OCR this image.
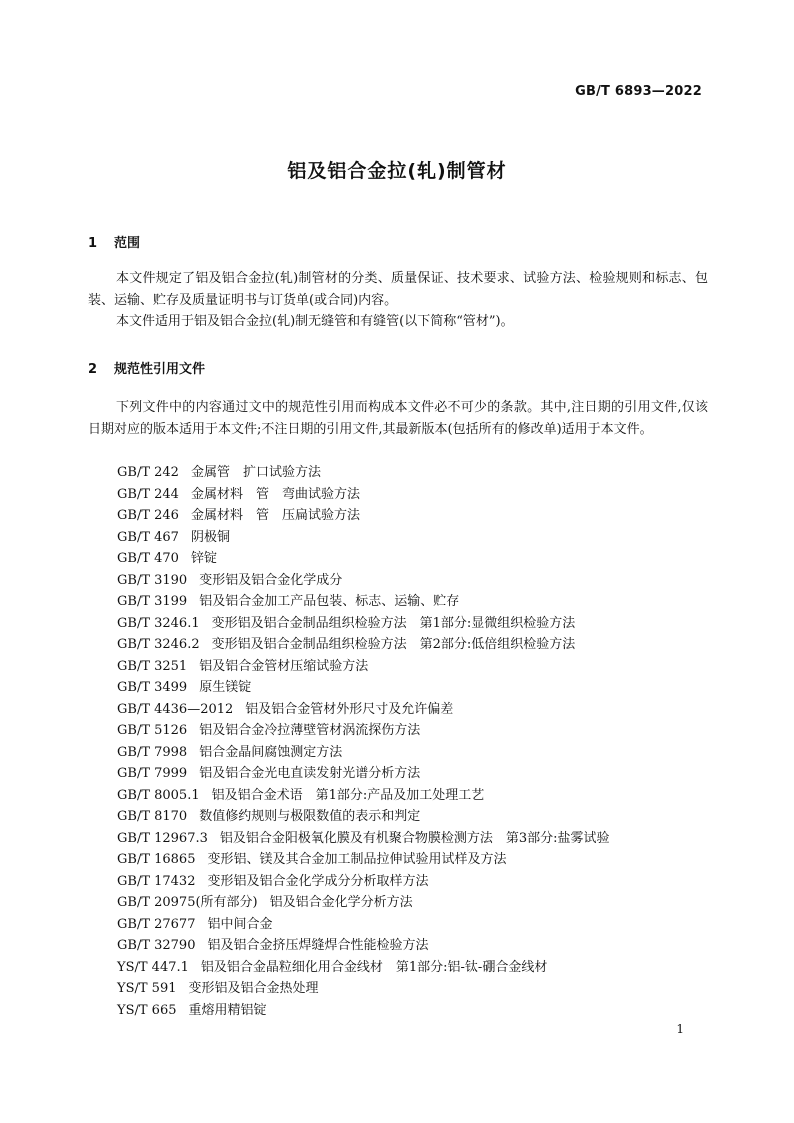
GB/T 6893—2022
铝及铝合金拉(轧)制管材
1 范围

本文件规定了铝及铝合金拉(轧)制管材的分类、质量保证、技术要求、试验方法、检验规则和标志、包装、运输、贮存及质量证明书与订货单(或合同)内容。

本文件适用于铝及铝合金拉(轧)制无缝管和有缝管(以下简称“管材”)。

2 规范性引用文件

下列文件中的内容通过文中的规范性引用而构成本文件必不可少的条款。其中,注日期的引用文件,仅该日期对应的版本适用于本文件;不注日期的引用文件,其最新版本(包括所有的修改单)适用于本文件。

GB/T 242 金属管　扩口试验方法
GB/T 244 金属材料　管　弯曲试验方法
GB/T 246 金属材料　管　压扁试验方法
GB/T 467 阴极铜
GB/T 470 锌锭
GB/T 3190 变形铝及铝合金化学成分
GB/T 3199 铝及铝合金加工产品包装、标志、运输、贮存
GB/T 3246.1 变形铝及铝合金制品组织检验方法　第1部分:显微组织检验方法
GB/T 3246.2 变形铝及铝合金制品组织检验方法　第2部分:低倍组织检验方法
GB/T 3251 铝及铝合金管材压缩试验方法
GB/T 3499 原生镁锭
GB/T 4436—2012 铝及铝合金管材外形尺寸及允许偏差
GB/T 5126 铝及铝合金冷拉薄壁管材涡流探伤方法
GB/T 7998 铝合金晶间腐蚀测定方法
GB/T 7999 铝及铝合金光电直读发射光谱分析方法
GB/T 8005.1 铝及铝合金术语　第1部分:产品及加工处理工艺
GB/T 8170 数值修约规则与极限数值的表示和判定
GB/T 12967.3 铝及铝合金阳极氧化膜及有机聚合物膜检测方法　第3部分:盐雾试验
GB/T 16865 变形铝、镁及其合金加工制品拉伸试验用试样及方法
GB/T 17432 变形铝及铝合金化学成分分析取样方法
GB/T 20975(所有部分) 铝及铝合金化学分析方法
GB/T 27677 铝中间合金
GB/T 32790 铝及铝合金挤压焊缝焊合性能检验方法
YS/T 447.1 铝及铝合金晶粒细化用合金线材　第1部分:铝-钛-硼合金线材
YS/T 591 变形铝及铝合金热处理
YS/T 665 重熔用精铝锭
1
